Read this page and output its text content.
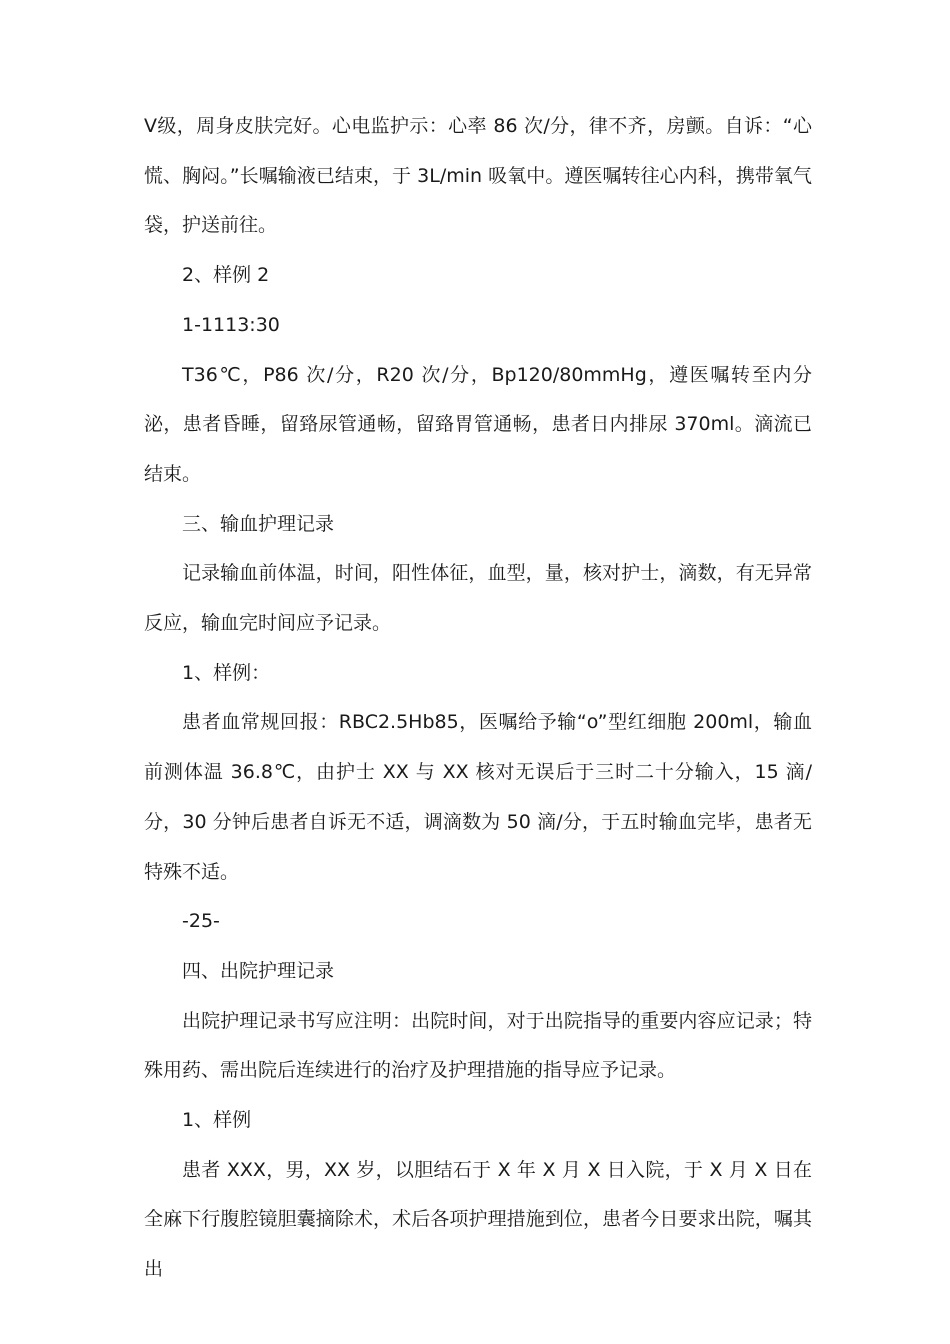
Ⅴ级，周身皮肤完好。心电监护示：心率 86 次/分，律不齐，房颤。自诉：“心慌、胸闷。”长嘱输液已结束，于 3L/min 吸氧中。遵医嘱转往心内科，携带氧气袋，护送前往。

2、样例 2

1-1113:30

T36℃，P86 次/分，R20 次/分，Bp120/80mmHg，遵医嘱转至内分泌，患者昏睡，留臵尿管通畅，留臵胃管通畅，患者日内排尿 370ml。滴流已结束。

三、输血护理记录

记录输血前体温，时间，阳性体征，血型，量，核对护士，滴数，有无异常反应，输血完时间应予记录。

1、样例：

患者血常规回报：RBC2.5Hb85，医嘱给予输“o”型红细胞 200ml，输血前测体温 36.8℃，由护士 XX 与 XX 核对无误后于三时二十分输入，15 滴/分，30 分钟后患者自诉无不适，调滴数为 50 滴/分，于五时输血完毕，患者无特殊不适。

-25-

四、出院护理记录

出院护理记录书写应注明：出院时间，对于出院指导的重要内容应记录；特殊用药、需出院后连续进行的治疗及护理措施的指导应予记录。

1、样例

患者 XXX，男，XX 岁，以胆结石于 X 年 X 月 X 日入院，于 X 月 X 日在全麻下行腹腔镜胆囊摘除术，术后各项护理措施到位，患者今日要求出院，嘱其出
